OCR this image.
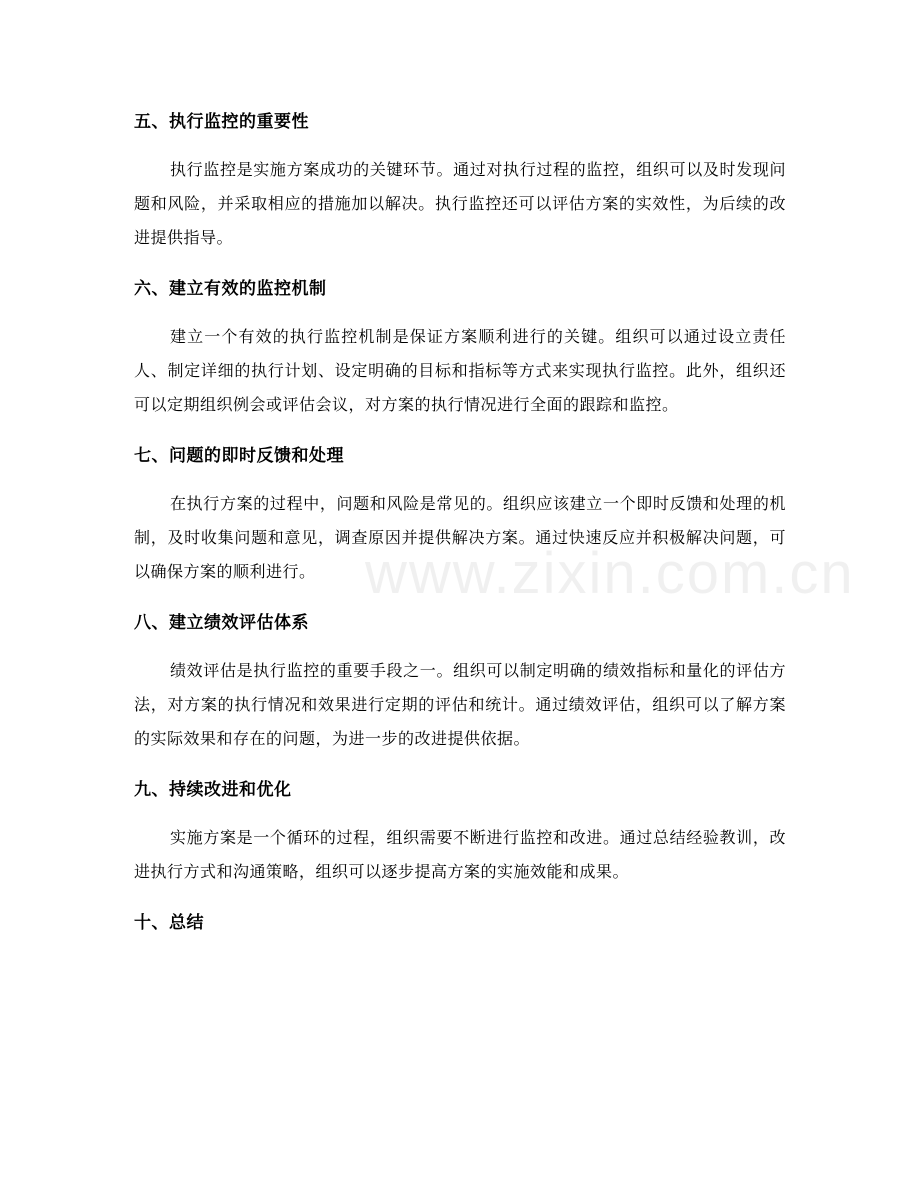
www.zixin.com.cn
五、执行监控的重要性

执行监控是实施方案成功的关键环节。通过对执行过程的监控，组织可以及时发现问题和风险，并采取相应的措施加以解决。执行监控还可以评估方案的实效性，为后续的改进提供指导。

六、建立有效的监控机制

建立一个有效的执行监控机制是保证方案顺利进行的关键。组织可以通过设立责任人、制定详细的执行计划、设定明确的目标和指标等方式来实现执行监控。此外，组织还可以定期组织例会或评估会议，对方案的执行情况进行全面的跟踪和监控。

七、问题的即时反馈和处理

在执行方案的过程中，问题和风险是常见的。组织应该建立一个即时反馈和处理的机制，及时收集问题和意见，调查原因并提供解决方案。通过快速反应并积极解决问题，可以确保方案的顺利进行。

八、建立绩效评估体系

绩效评估是执行监控的重要手段之一。组织可以制定明确的绩效指标和量化的评估方法，对方案的执行情况和效果进行定期的评估和统计。通过绩效评估，组织可以了解方案的实际效果和存在的问题，为进一步的改进提供依据。

九、持续改进和优化

实施方案是一个循环的过程，组织需要不断进行监控和改进。通过总结经验教训，改进执行方式和沟通策略，组织可以逐步提高方案的实施效能和成果。

十、总结
